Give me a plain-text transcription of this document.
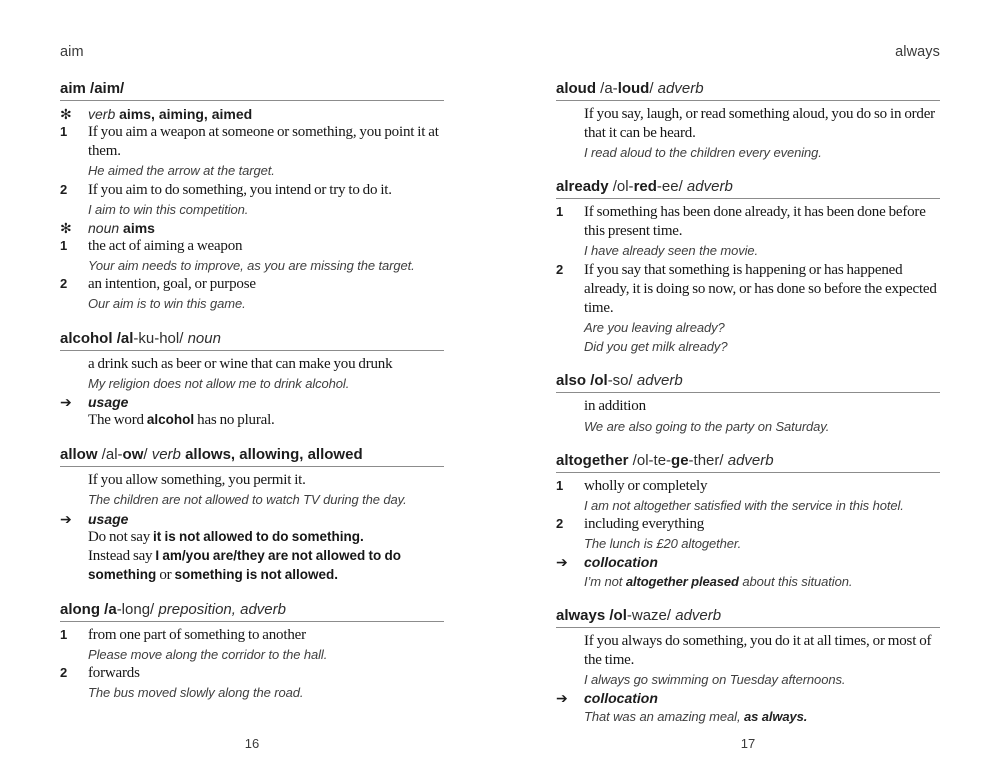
aim
aim /aim/
✻	verb aims, aiming, aimed
1	If you aim a weapon at someone or something, you point it at them.
He aimed the arrow at the target.
2	If you aim to do something, you intend or try to do it.
I aim to win this competition.
✻	noun aims
1	the act of aiming a weapon
Your aim needs to improve, as you are missing the target.
2	an intention, goal, or purpose
Our aim is to win this game.
alcohol /al-ku-hol/ noun
a drink such as beer or wine that can make you drunk
My religion does not allow me to drink alcohol.
➔	usage
The word alcohol has no plural.
allow /al-ow/ verb allows, allowing, allowed
If you allow something, you permit it.
The children are not allowed to watch TV during the day.
➔	usage
Do not say it is not allowed to do something.
Instead say I am/you are/they are not allowed to do something or something is not allowed.
along /a-long/ preposition, adverb
1	from one part of something to another
Please move along the corridor to the hall.
2	forwards
The bus moved slowly along the road.
always
aloud /a-loud/ adverb
If you say, laugh, or read something aloud, you do so in order that it can be heard.
I read aloud to the children every evening.
already /ol-red-ee/ adverb
1	If something has been done already, it has been done before this present time.
I have already seen the movie.
2	If you say that something is happening or has happened already, it is doing so now, or has done so before the expected time.
Are you leaving already?
Did you get milk already?
also /ol-so/ adverb
in addition
We are also going to the party on Saturday.
altogether /ol-te-ge-ther/ adverb
1	wholly or completely
I am not altogether satisfied with the service in this hotel.
2	including everything
The lunch is £20 altogether.
➔	collocation
I’m not altogether pleased about this situation.
always /ol-waze/ adverb
If you always do something, you do it at all times, or most of the time.
I always go swimming on Tuesday afternoons.
➔	collocation
That was an amazing meal, as always.
16	17
